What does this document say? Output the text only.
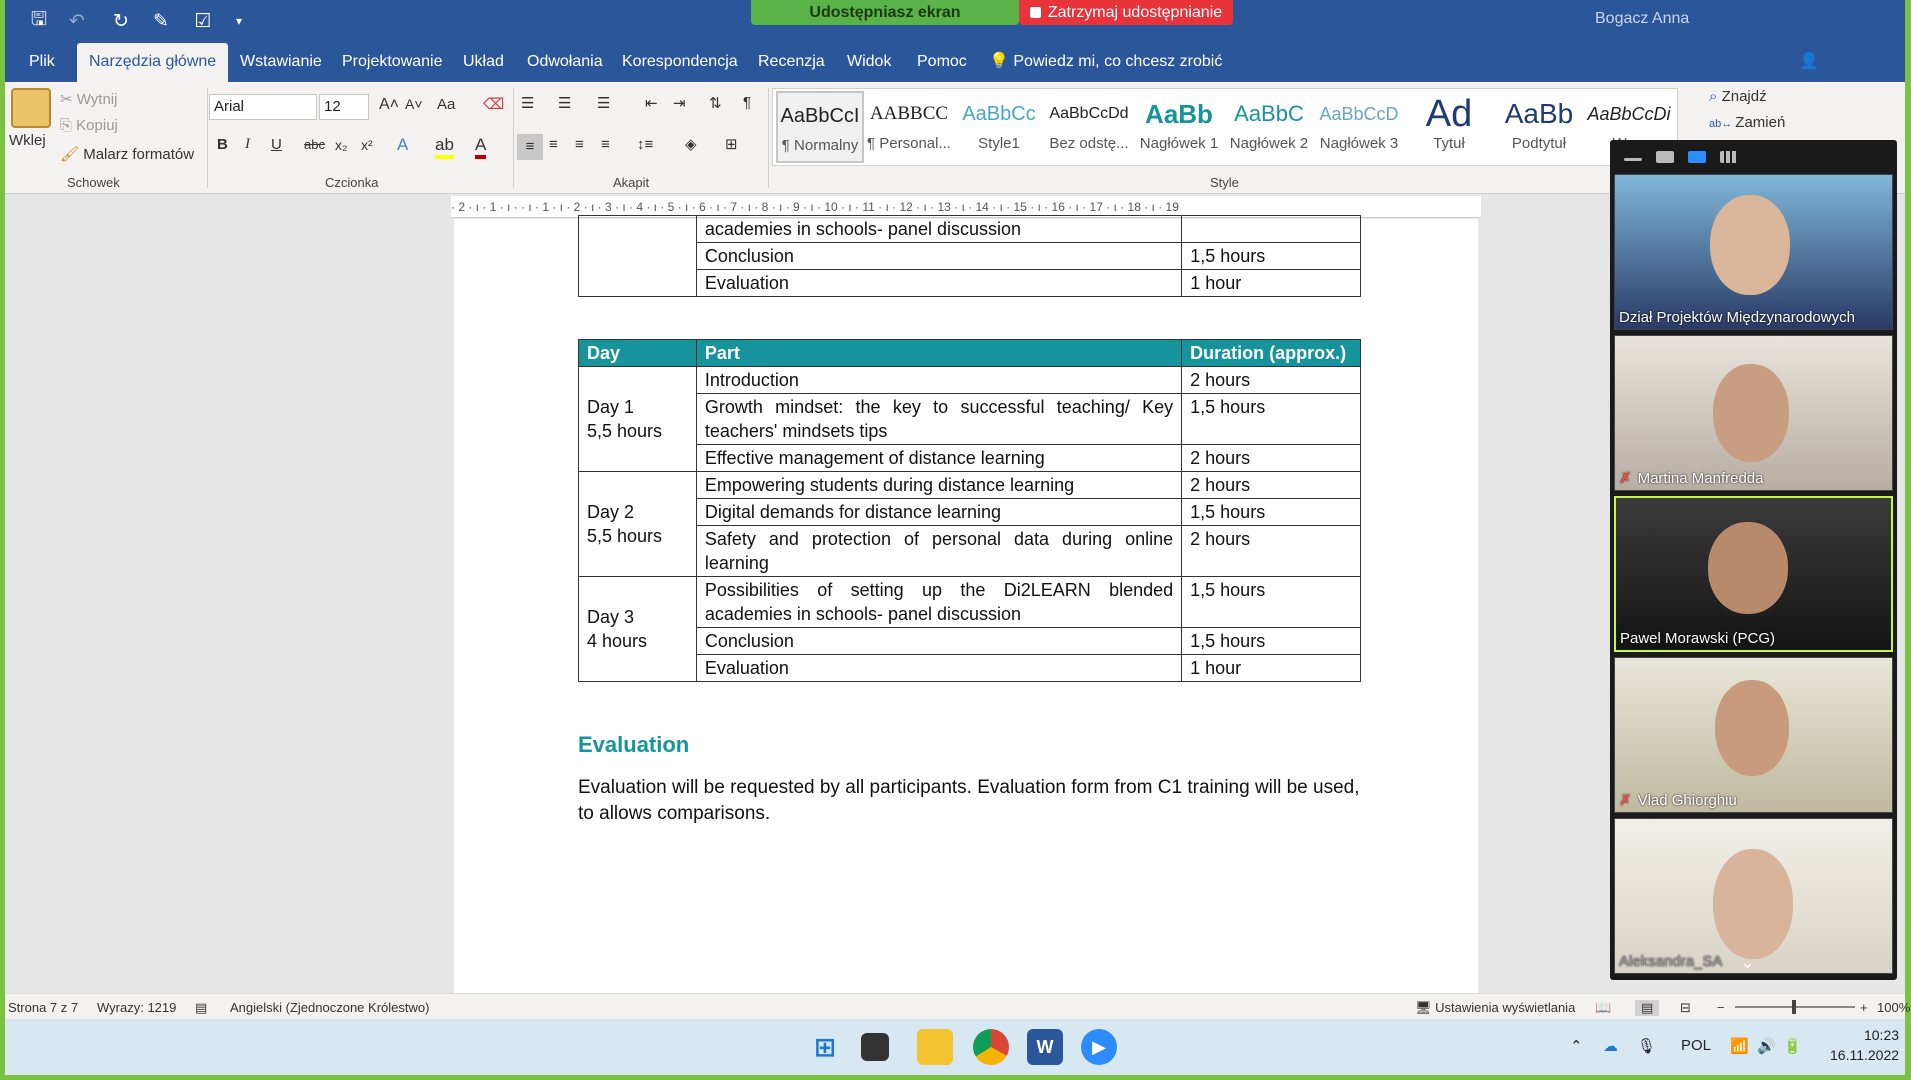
🖫	↶	↻	✎	☑	▾
Udostępniasz ekran	Zatrzymaj udostępnianie	Bogacz Anna
Plik	Narzędzia główne	Wstawianie	Projektowanie	Układ	Odwołania	Korespondencja	Recenzja	Widok	Pomoc	💡 Powiedz mi, co chcesz zrobić	👤
Wklej
✂ Wytnij
⎘ Kopiuj
🖌 Malarz formatów
Schowek
Arial	12	A˄ A˅ Aa ⌫
B I U abc x₂ x² A ab A
Czcionka
☰ ☰ ☰ ⇤ ⇥ ⇅ ¶
≡ ≡ ≡ ≡ ↕≡ ◈ ⊞
Akapit
AaBbCcI
¶ Normalny
AABBCC
¶ Personal...
AaBbCc
Style1
AaBbCcDd
Bez odstę...
AaBb
Nagłówek 1
AaBbC
Nagłówek 2
AaBbCcD
Nagłówek 3
Ad
Tytuł
AaBb
Podtytuł
AaBbCcDi
Style
⌕ Znajdź
ab↔ Zamień
· 2 · ı · 1 · ı · · ı · 1 · ı · 2 · ı · 3 · ı · 4 · ı · 5 · ı · 6 · ı · 7 · ı · 8 · ı · 9 · ı · 10 · ı · 11 · ı · 12 · ı · 13 · ı · 14 · ı · 15 · ı · 16 · ı · 17 · ı · 18 · ı · 19
	academies in schools- panel discussion	
	Conclusion	1,5 hours
	Evaluation	1 hour
Day	Part	Duration (approx.)

Day 1
5,5 hours	Introduction	2 hours
	Growth mindset: the key to successful teaching/ Key teachers' mindsets tips	1,5 hours
	Effective management of distance learning	2 hours

Day 2
5,5 hours	Empowering students during distance learning	2 hours
	Digital demands for distance learning	1,5 hours
	Safety and protection of personal data during online learning	2 hours

Day 3
4 hours	Possibilities of setting up the Di2LEARN blended academies in schools- panel discussion	1,5 hours
	Conclusion	1,5 hours
	Evaluation	1 hour
Evaluation
Evaluation will be requested by all participants. Evaluation form from C1 training will be used, to allows comparisons.
Strona 7 z 7 Wyrazy: 1219 ▤ Angielski (Zjednoczone Królestwo)	🖥 Ustawienia wyświetlania 📖	▤	⊟ −	+ 100%
⊞	W	▶	⌃ ☁ 🎙 POL 📶 🔊 🔋
10:23
16.11.2022
Dział Projektów Międzynarodowych
✗ Martina Manfredda
Pawel Morawski (PCG)
✗ Vlad Ghiorghiu
Aleksandra_SA ⌄
